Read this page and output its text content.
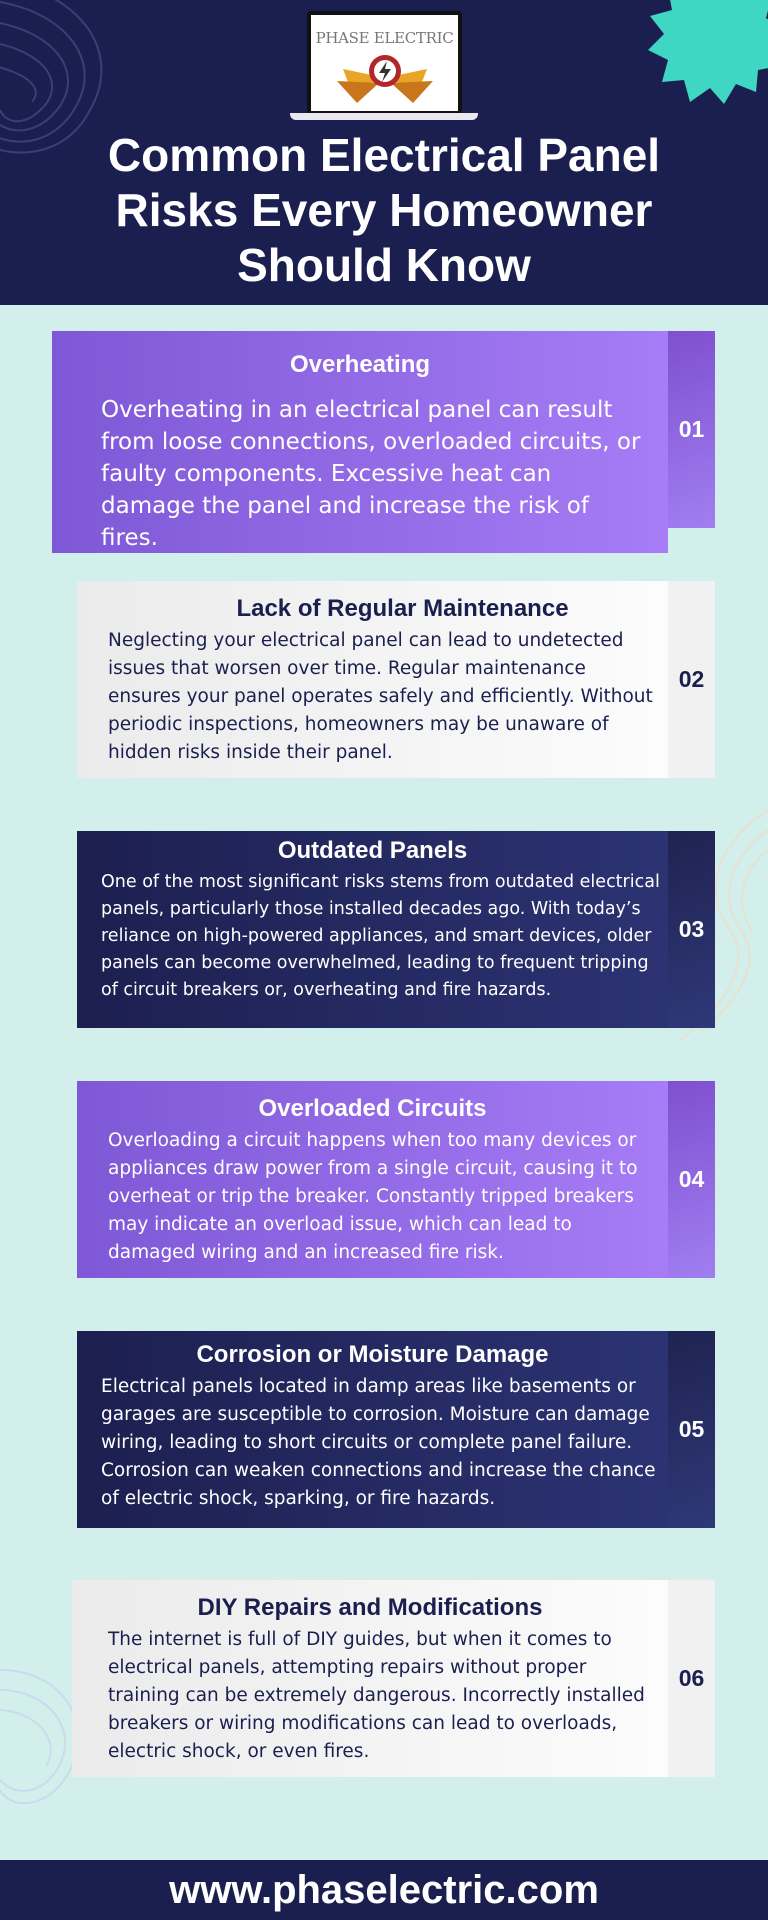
PHASE ELECTRIC
Common Electrical Panel
Risks Every Homeowner
Should Know
Overheating

Overheating in an electrical panel can result from loose connections, overloaded circuits, or faulty components. Excessive heat can damage the panel and increase the risk of fires.

01
Lack of Regular Maintenance

Neglecting your electrical panel can lead to undetected issues that worsen over time. Regular maintenance ensures your panel operates safely and efficiently. Without periodic inspections, homeowners may be unaware of hidden risks inside their panel.

02
Outdated Panels

One of the most significant risks stems from outdated electrical panels, particularly those installed decades ago. With today’s reliance on high-powered appliances, and smart devices, older panels can become overwhelmed, leading to frequent tripping of circuit breakers or, overheating and fire hazards.

03
Overloaded Circuits

Overloading a circuit happens when too many devices or appliances draw power from a single circuit, causing it to overheat or trip the breaker. Constantly tripped breakers may indicate an overload issue, which can lead to damaged wiring and an increased fire risk.

04
Corrosion or Moisture Damage

Electrical panels located in damp areas like basements or garages are susceptible to corrosion. Moisture can damage wiring, leading to short circuits or complete panel failure. Corrosion can weaken connections and increase the chance of electric shock, sparking, or fire hazards.

05
DIY Repairs and Modifications

The internet is full of DIY guides, but when it comes to electrical panels, attempting repairs without proper training can be extremely dangerous. Incorrectly installed breakers or wiring modifications can lead to overloads, electric shock, or even fires.

06
www.phaselectric.com
